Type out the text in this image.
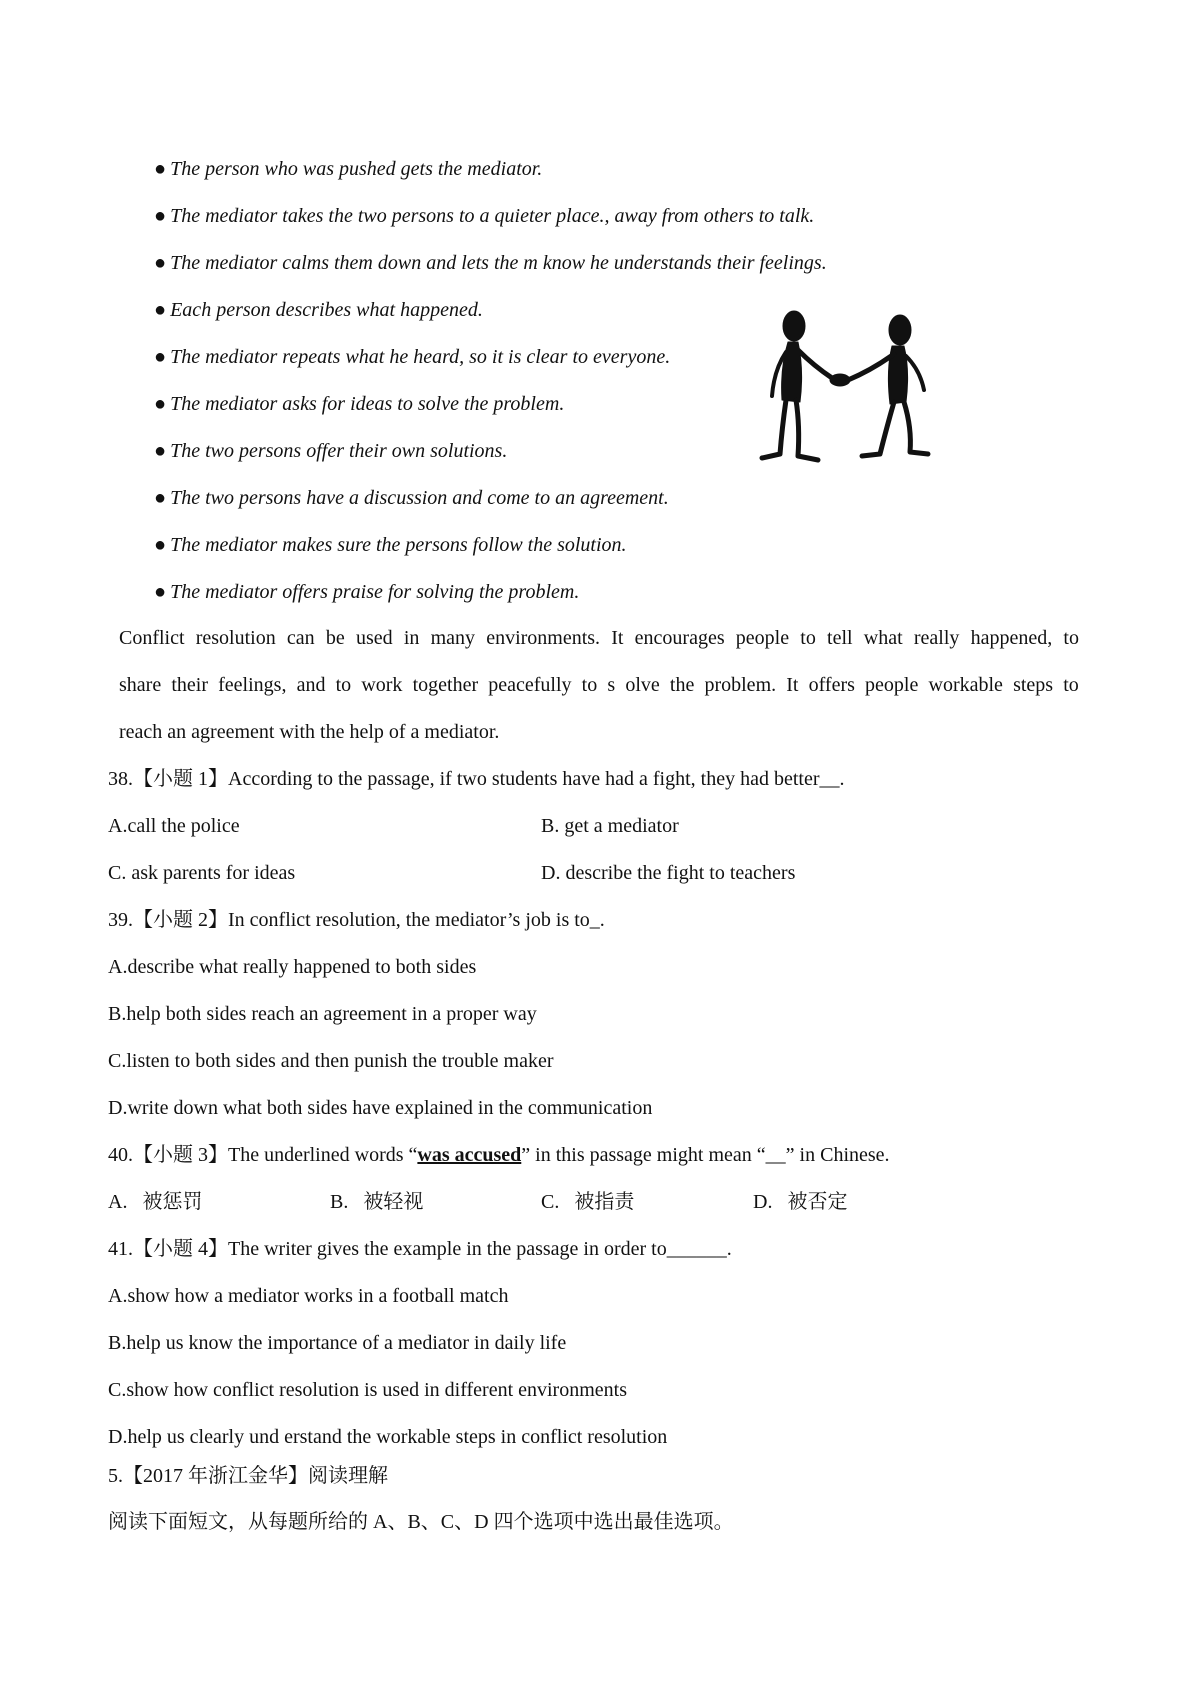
● The person who was pushed gets the mediator.
● The mediator takes the two persons to a quieter place., away from others to talk.
● The mediator calms them down and lets the m know he understands their feelings.
● Each person describes what happened.
● The mediator repeats what he heard, so it is clear to everyone.
● The mediator asks for ideas to solve the problem.
● The two persons offer their own solutions.
● The two persons have a discussion and come to an agreement.
● The mediator makes sure the persons follow the solution.
● The mediator offers praise for solving the problem.
Conflict resolution can be used in many environments. It encourages people to tell what really happened, to
share their feelings, and to work together peacefully to s olve the problem. It offers people workable steps to
reach an agreement with the help of a mediator.
38.【小题 1】According to the passage, if two students have had a fight, they had better__.
A.call the police	B. get a mediator
C. ask parents for ideas	D. describe the fight to teachers
39.【小题 2】In conflict resolution, the mediator’s job is to_.
A.describe what really happened to both sides
B.help both sides reach an agreement in a proper way
C.listen to both sides and then punish the trouble maker
D.write down what both sides have explained in the communication
40.【小题 3】The underlined words “was accused” in this passage might mean “__” in Chinese.
A.   被惩罚	B.   被轻视	C.   被指责	D.   被否定
41.【小题 4】The writer gives the example in the passage in order to______.
A.show how a mediator works in a football match
B.help us know the importance of a mediator in daily life
C.show how conflict resolution is used in different environments
D.help us clearly und erstand the workable steps in conflict resolution
5.【2017 年浙江金华】阅读理解
阅读下面短文，从每题所给的 A、B、C、D 四个选项中选出最佳选项。
